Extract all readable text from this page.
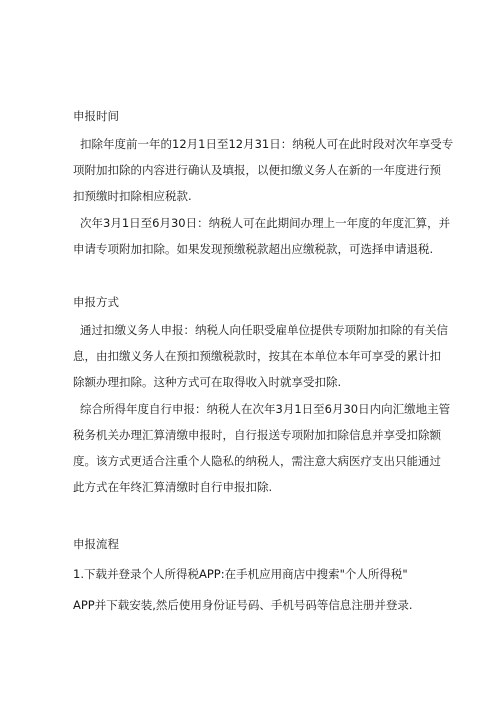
申报时间
扣除年度前一年的12月1日至12月31日：纳税人可在此时段对次年享受专
项附加扣除的内容进行确认及填报，以便扣缴义务人在新的一年度进行预
扣预缴时扣除相应税款.
次年3月1日至6月30日：纳税人可在此期间办理上一年度的年度汇算，并
申请专项附加扣除。如果发现预缴税款超出应缴税款，可选择申请退税.
申报方式
通过扣缴义务人申报：纳税人向任职受雇单位提供专项附加扣除的有关信
息，由扣缴义务人在预扣预缴税款时，按其在本单位本年可享受的累计扣
除额办理扣除。这种方式可在取得收入时就享受扣除.
综合所得年度自行申报：纳税人在次年3月1日至6月30日内向汇缴地主管
税务机关办理汇算清缴申报时，自行报送专项附加扣除信息并享受扣除额
度。该方式更适合注重个人隐私的纳税人，需注意大病医疗支出只能通过
此方式在年终汇算清缴时自行申报扣除.
申报流程
1.下载并登录个人所得税APP:在手机应用商店中搜索"个人所得税"
APP并下载安装,然后使用身份证号码、手机号码等信息注册并登录.
